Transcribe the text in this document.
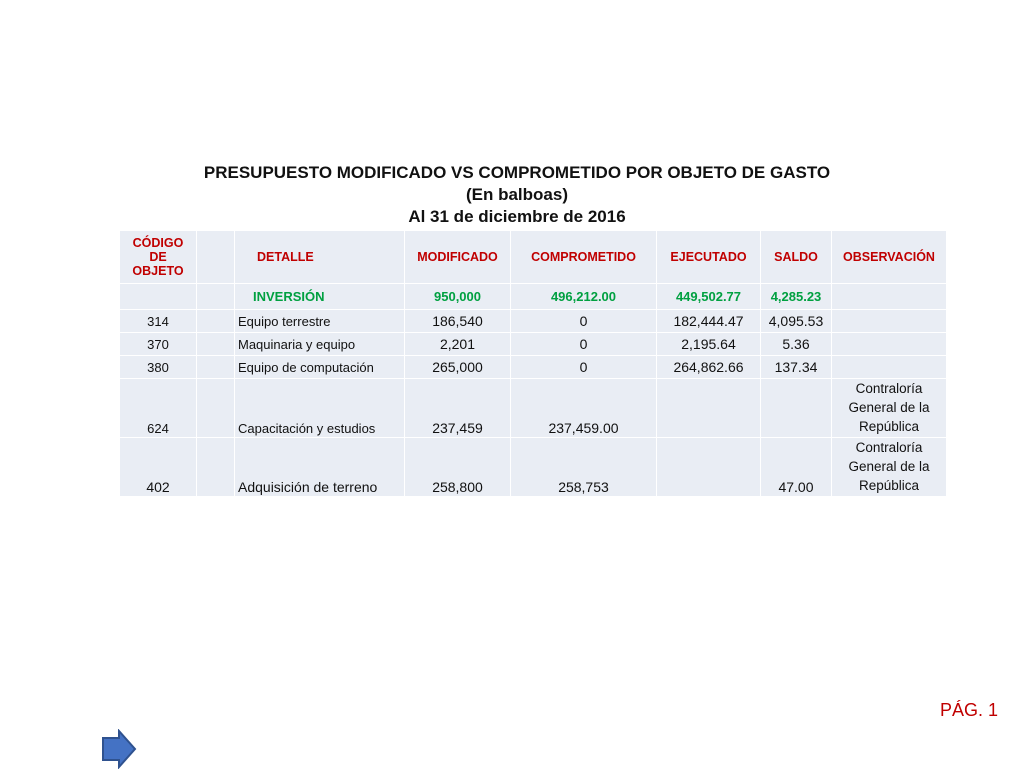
PRESUPUESTO MODIFICADO VS COMPROMETIDO POR OBJETO DE GASTO
(En balboas)
Al 31 de diciembre de 2016
CÓDIGO DE OBJETO		DETALLE	MODIFICADO	COMPROMETIDO	EJECUTADO	SALDO	OBSERVACIÓN
		INVERSIÓN	950,000	496,212.00	449,502.77	4,285.23	
314		Equipo terrestre	186,540	0	182,444.47	4,095.53	
370		Maquinaria y equipo	2,201	0	2,195.64	5.36	
380		Equipo de computación	265,000	0	264,862.66	137.34	
624		Capacitación y estudios	237,459	237,459.00			Contraloría General de la República
402		Adquisición de terreno	258,800	258,753		47.00	Contraloría General de la República
PÁG. 1
